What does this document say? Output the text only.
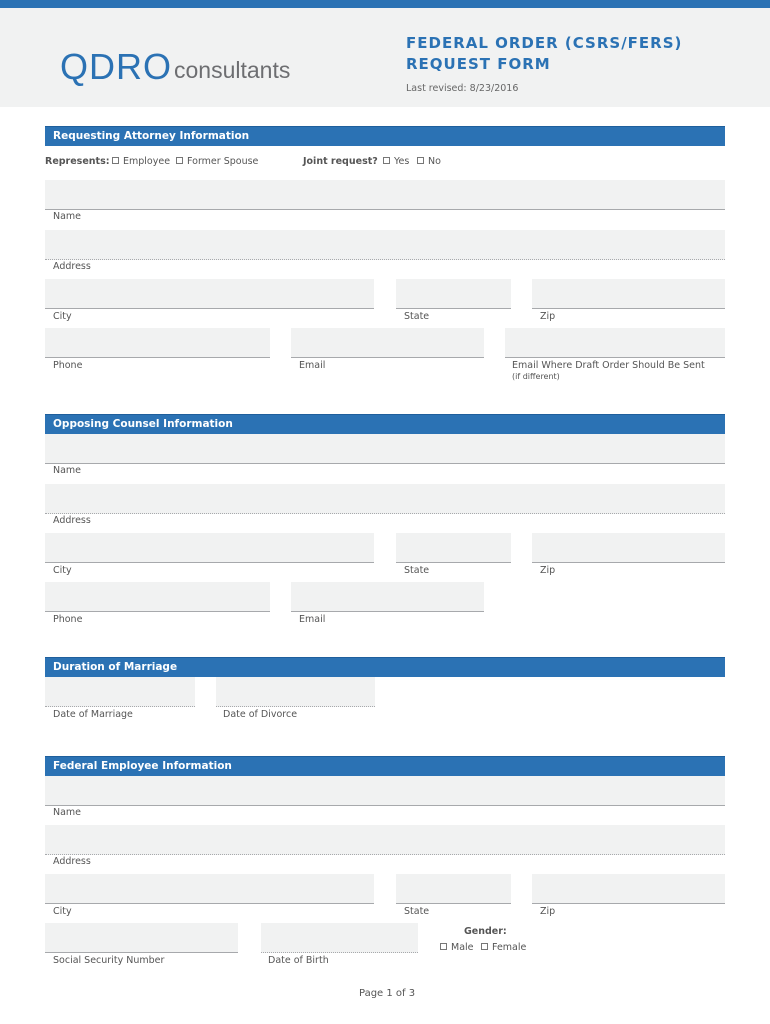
QDRO consultants
FEDERAL ORDER (CSRS/FERS)
REQUEST FORM
Last revised: 8/23/2016
Requesting Attorney Information
Represents: Employee Former Spouse	Joint request? Yes No
Name
Address
City	State	Zip
Phone	Email	Email Where Draft Order Should Be Sent
(if different)
Opposing Counsel Information
Name
Address
City	State	Zip
Phone	Email
Duration of Marriage
Date of Marriage	Date of Divorce
Federal Employee Information
Name
Address
City	State	Zip
Social Security Number	Date of Birth
Gender:
Male Female
Page 1 of 3
